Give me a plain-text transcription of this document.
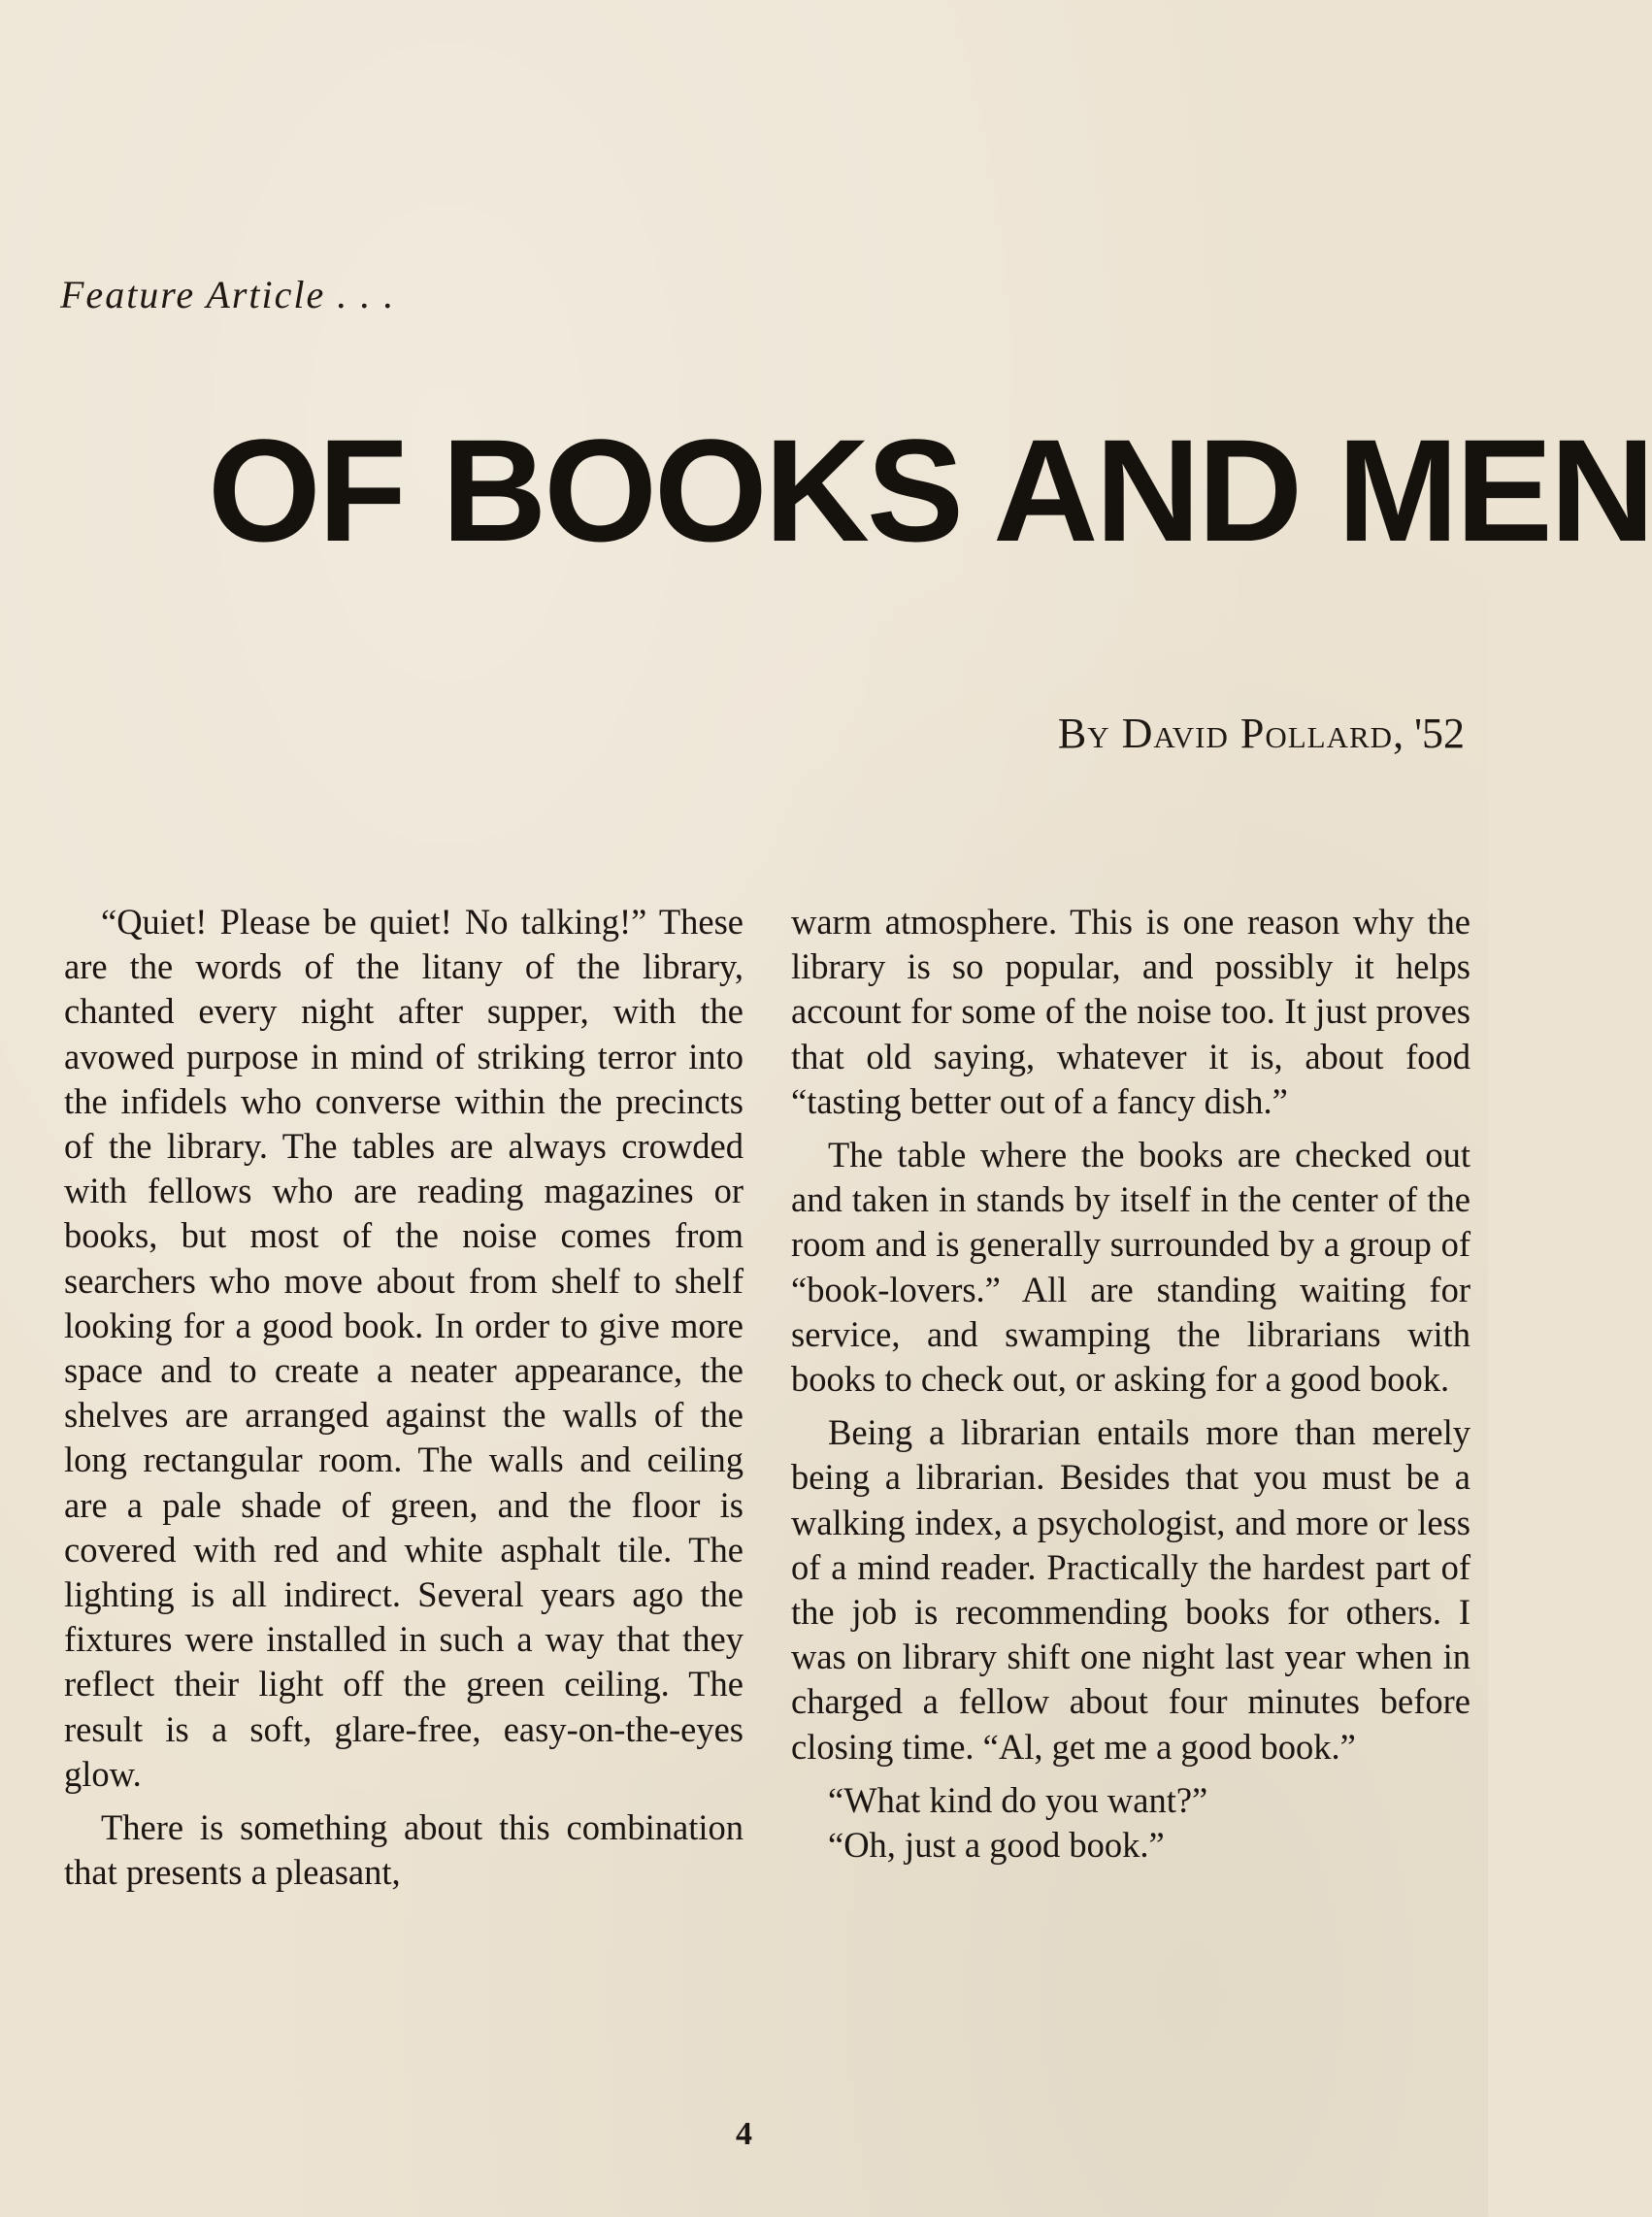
Feature Article . . .
OF BOOKS AND MEN
By David Pollard, '52

“Quiet! Please be quiet! No talking!” These are the words of the litany of the library, chanted every night after supper, with the avowed purpose in mind of striking terror into the infidels who converse within the precincts of the library. The tables are always crowded with fellows who are reading magazines or books, but most of the noise comes from searchers who move about from shelf to shelf looking for a good book. In order to give more space and to create a neater appearance, the shelves are arranged against the walls of the long rectangular room. The walls and ceiling are a pale shade of green, and the floor is covered with red and white asphalt tile. The lighting is all indirect. Several years ago the fixtures were installed in such a way that they reflect their light off the green ceiling. The result is a soft, glare-free, easy-on-the-eyes glow.

There is something about this combination that presents a pleasant,

warm atmosphere. This is one reason why the library is so popular, and possibly it helps account for some of the noise too. It just proves that old saying, whatever it is, about food “tasting better out of a fancy dish.”

The table where the books are checked out and taken in stands by itself in the center of the room and is generally surrounded by a group of “book-lovers.” All are standing waiting for service, and swamping the librarians with books to check out, or asking for a good book.

Being a librarian entails more than merely being a librarian. Besides that you must be a walking index, a psychologist, and more or less of a mind reader. Practically the hardest part of the job is recommending books for others. I was on library shift one night last year when in charged a fellow about four minutes before closing time. “Al, get me a good book.”

“What kind do you want?”

“Oh, just a good book.”

4
